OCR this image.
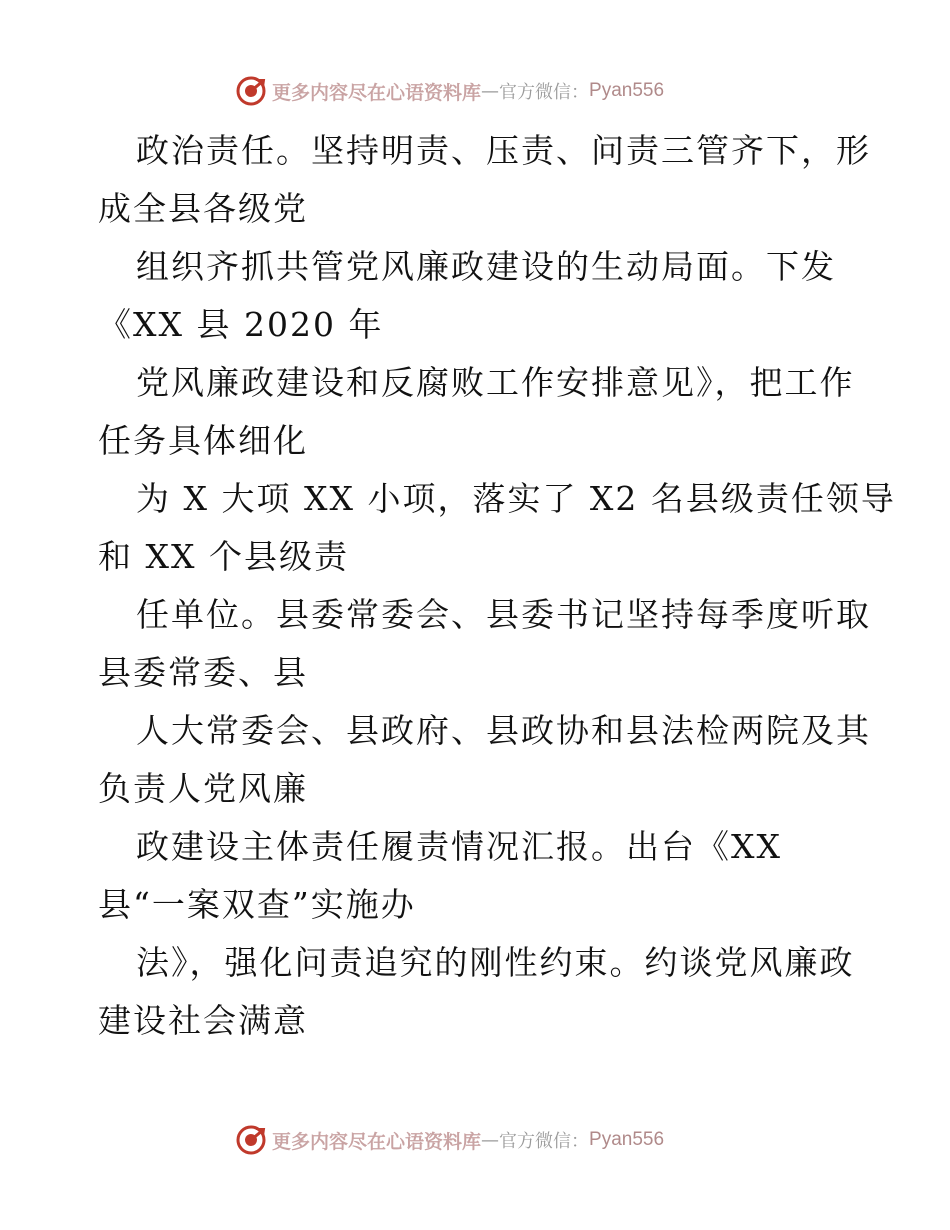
更多内容尽在心语资料库 — 官方微信： Pyan556
政治责任。坚持明责、压责、问责三管齐下，形
成全县各级党
组织齐抓共管党风廉政建设的生动局面。下发
《XX 县 2020 年
党风廉政建设和反腐败工作安排意见》，把工作
任务具体细化
为 X 大项 XX 小项，落实了 X2 名县级责任领导
和 XX 个县级责
任单位。县委常委会、县委书记坚持每季度听取
县委常委、县
人大常委会、县政府、县政协和县法检两院及其
负责人党风廉
政建设主体责任履责情况汇报。出台《XX
县“一案双查”实施办
法》，强化问责追究的刚性约束。约谈党风廉政
建设社会满意
更多内容尽在心语资料库 — 官方微信： Pyan556
